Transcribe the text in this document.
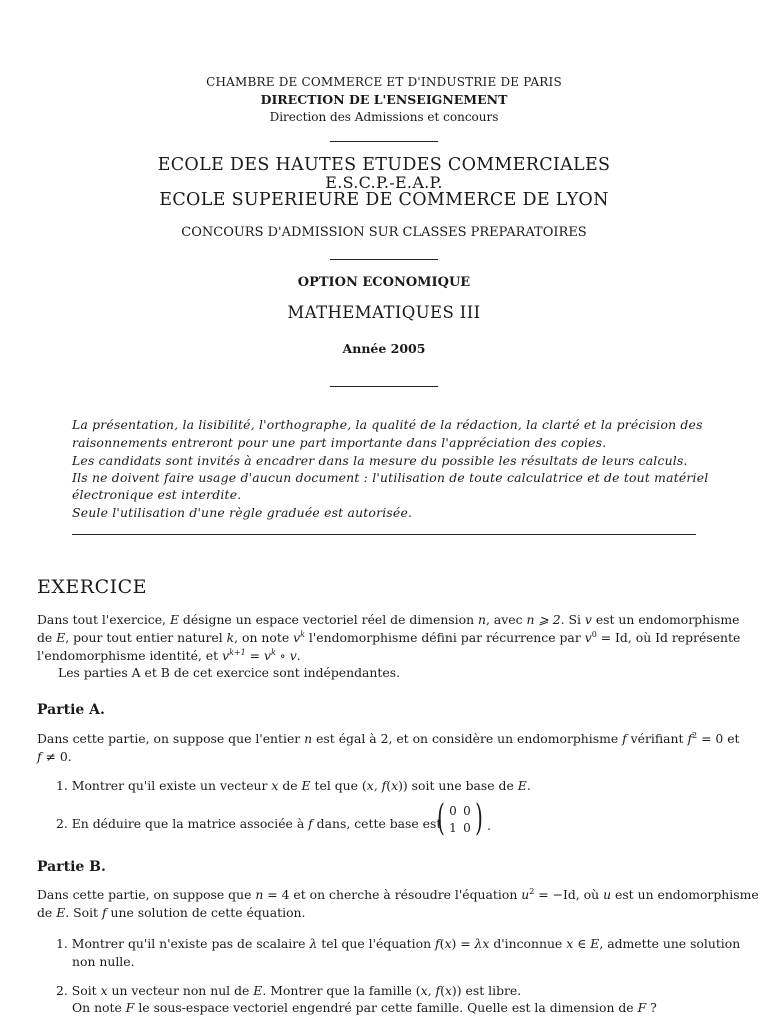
CHAMBRE DE COMMERCE ET D'INDUSTRIE DE PARIS
DIRECTION DE L'ENSEIGNEMENT
Direction des Admissions et concours
ECOLE DES HAUTES ETUDES COMMERCIALES
E.S.C.P.-E.A.P.
ECOLE SUPERIEURE DE COMMERCE DE LYON
CONCOURS D'ADMISSION SUR CLASSES PREPARATOIRES
OPTION ECONOMIQUE
MATHEMATIQUES III
Année 2005
La présentation, la lisibilité, l'orthographe, la qualité de la rédaction, la clarté et la précision des
raisonnements entreront pour une part importante dans l'appréciation des copies.
Les candidats sont invités à encadrer dans la mesure du possible les résultats de leurs calculs.
Ils ne doivent faire usage d'aucun document : l'utilisation de toute calculatrice et de tout matériel
électronique est interdite.
Seule l'utilisation d'une règle graduée est autorisée.
EXERCICE
Dans tout l'exercice, E désigne un espace vectoriel réel de dimension n, avec n ⩾ 2. Si v est un endomorphisme
de E, pour tout entier naturel k, on note $v^k$ l'endomorphisme défini par récurrence par $v^0 = Id$, où Id représente
l'endomorphisme identité, et $v^{k+1} = v^k$ ∘ v.
Les parties A et B de cet exercice sont indépendantes.
Partie A.
Dans cette partie, on suppose que l'entier n est égal à 2, et on considère un endomorphisme f vérifiant $f^2 = 0$ et
f ≠ 0.
1. Montrer qu'il existe un vecteur x de E tel que (x, f(x)) soit une base de E.
2. En déduire que la matrice associée à f dans, cette base est
( 0 0
1 0 ) .
Partie B.
Dans cette partie, on suppose que n = 4 et on cherche à résoudre l'équation $u^2 = -Id$, où u est un endomorphisme
de E. Soit f une solution de cette équation.
1. Montrer qu'il n'existe pas de scalaire λ tel que l'équation f(x) = λx d'inconnue x ∈ E, admette une solution
non nulle.
2. Soit x un vecteur non nul de E. Montrer que la famille (x, f(x)) est libre.
On note F le sous-espace vectoriel engendré par cette famille. Quelle est la dimension de F ?
